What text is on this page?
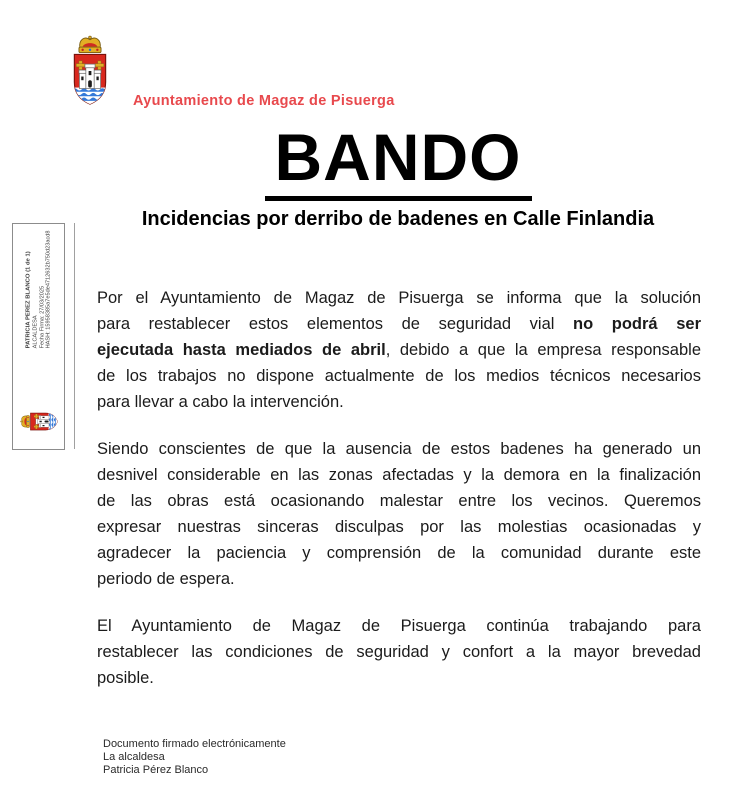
Ayuntamiento de Magaz de Pisuerga
BANDO
Incidencias por derribo de badenes en Calle Finlandia
PATRICIA PEREZ BLANCO (1 de 1) ALCALDESA Fecha Firma: 27/03/2025 HASH: 15958385a7e5de4712632b750d23acd8	Por el Ayuntamiento de Magaz de Pisuerga se informa que la solución
para restablecer estos elementos de seguridad vial no podrá ser
ejecutada hasta mediados de abril, debido a que la empresa responsable
de los trabajos no dispone actualmente de los medios técnicos necesarios
para llevar a cabo la intervención.
Siendo conscientes de que la ausencia de estos badenes ha generado un
desnivel considerable en las zonas afectadas y la demora en la finalización
de las obras está ocasionando malestar entre los vecinos. Queremos
expresar nuestras sinceras disculpas por las molestias ocasionadas y
agradecer la paciencia y comprensión de la comunidad durante este
periodo de espera.
El Ayuntamiento de Magaz de Pisuerga continúa trabajando para
restablecer las condiciones de seguridad y confort a la mayor brevedad
posible.
Documento firmado electrónicamente
La alcaldesa
Patricia Pérez Blanco
